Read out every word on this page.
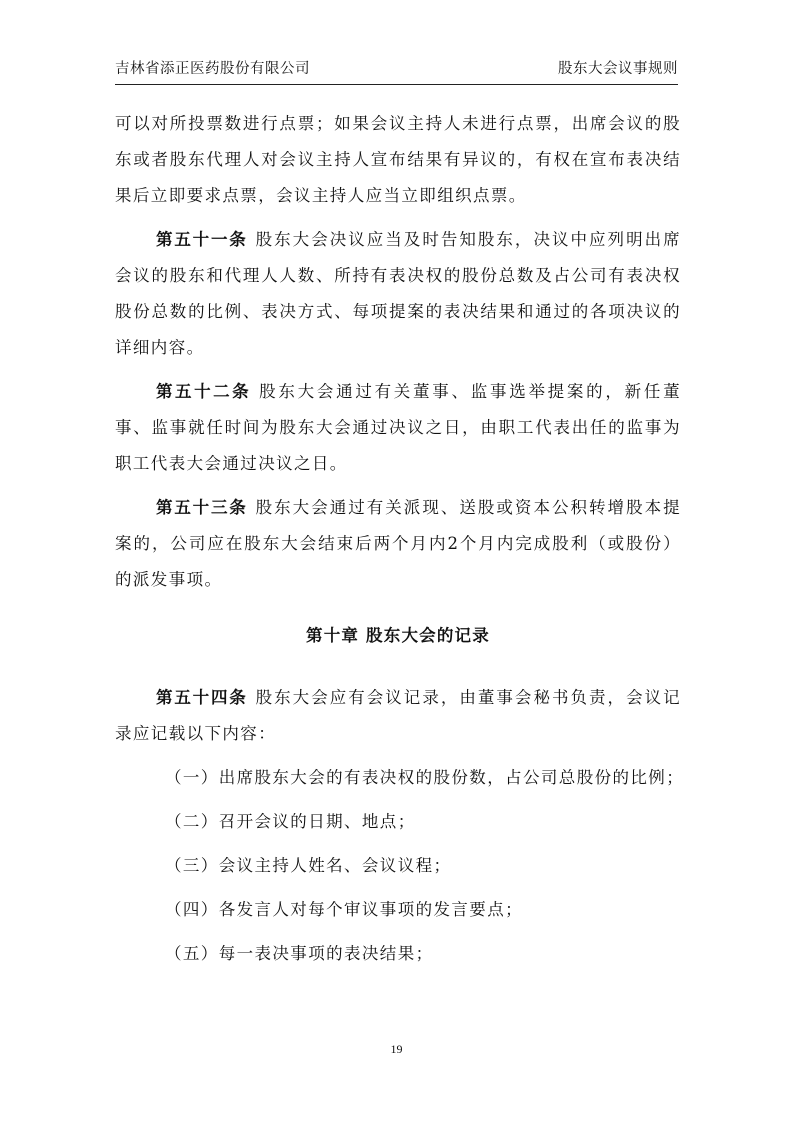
吉林省添正医药股份有限公司	股东大会议事规则

可以对所投票数进行点票；如果会议主持人未进行点票，出席会议的股东或者股东代理人对会议主持人宣布结果有异议的，有权在宣布表决结果后立即要求点票，会议主持人应当立即组织点票。

第五十一条 股东大会决议应当及时告知股东，决议中应列明出席会议的股东和代理人人数、所持有表决权的股份总数及占公司有表决权股份总数的比例、表决方式、每项提案的表决结果和通过的各项决议的详细内容。

第五十二条 股东大会通过有关董事、监事选举提案的，新任董事、监事就任时间为股东大会通过决议之日，由职工代表出任的监事为职工代表大会通过决议之日。

第五十三条 股东大会通过有关派现、送股或资本公积转增股本提案的，公司应在股东大会结束后两个月内2个月内完成股利（或股份）的派发事项。

第十章 股东大会的记录

第五十四条 股东大会应有会议记录，由董事会秘书负责，会议记录应记载以下内容：

（一）出席股东大会的有表决权的股份数，占公司总股份的比例；
（二）召开会议的日期、地点；
（三）会议主持人姓名、会议议程；
（四）各发言人对每个审议事项的发言要点；
（五）每一表决事项的表决结果；
19
